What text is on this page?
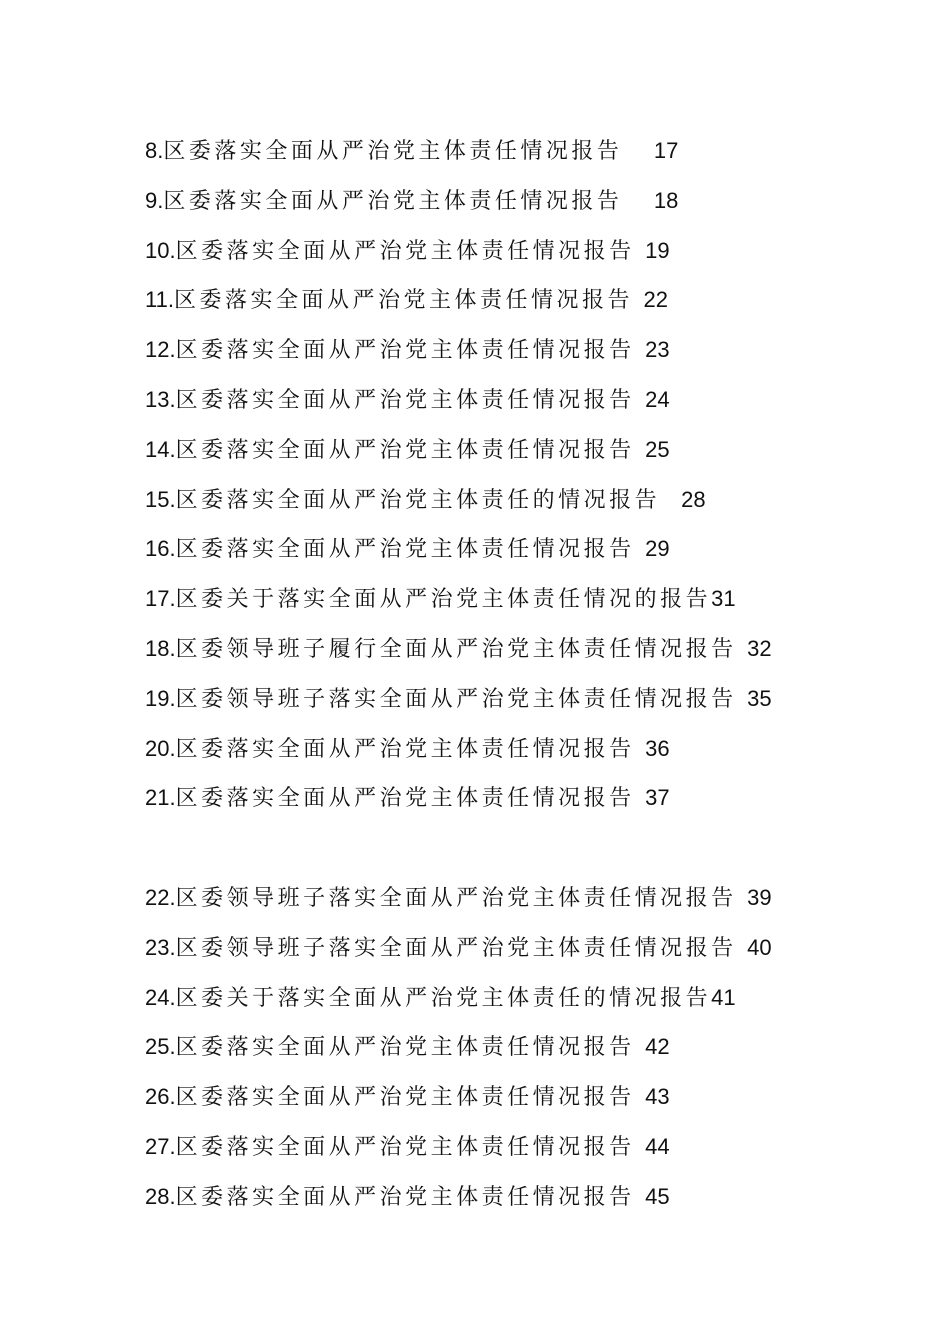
8.区委落实全面从严治党主体责任情况报告 17
9.区委落实全面从严治党主体责任情况报告 18
10.区委落实全面从严治党主体责任情况报告 19
11.区委落实全面从严治党主体责任情况报告 22
12.区委落实全面从严治党主体责任情况报告 23
13.区委落实全面从严治党主体责任情况报告 24
14.区委落实全面从严治党主体责任情况报告 25
15.区委落实全面从严治党主体责任的情况报告 28
16.区委落实全面从严治党主体责任情况报告 29
17.区委关于落实全面从严治党主体责任情况的报告31
18.区委领导班子履行全面从严治党主体责任情况报告 32
19.区委领导班子落实全面从严治党主体责任情况报告 35
20.区委落实全面从严治党主体责任情况报告 36
21.区委落实全面从严治党主体责任情况报告 37
22.区委领导班子落实全面从严治党主体责任情况报告 39
23.区委领导班子落实全面从严治党主体责任情况报告 40
24.区委关于落实全面从严治党主体责任的情况报告41
25.区委落实全面从严治党主体责任情况报告 42
26.区委落实全面从严治党主体责任情况报告 43
27.区委落实全面从严治党主体责任情况报告 44
28.区委落实全面从严治党主体责任情况报告 45
